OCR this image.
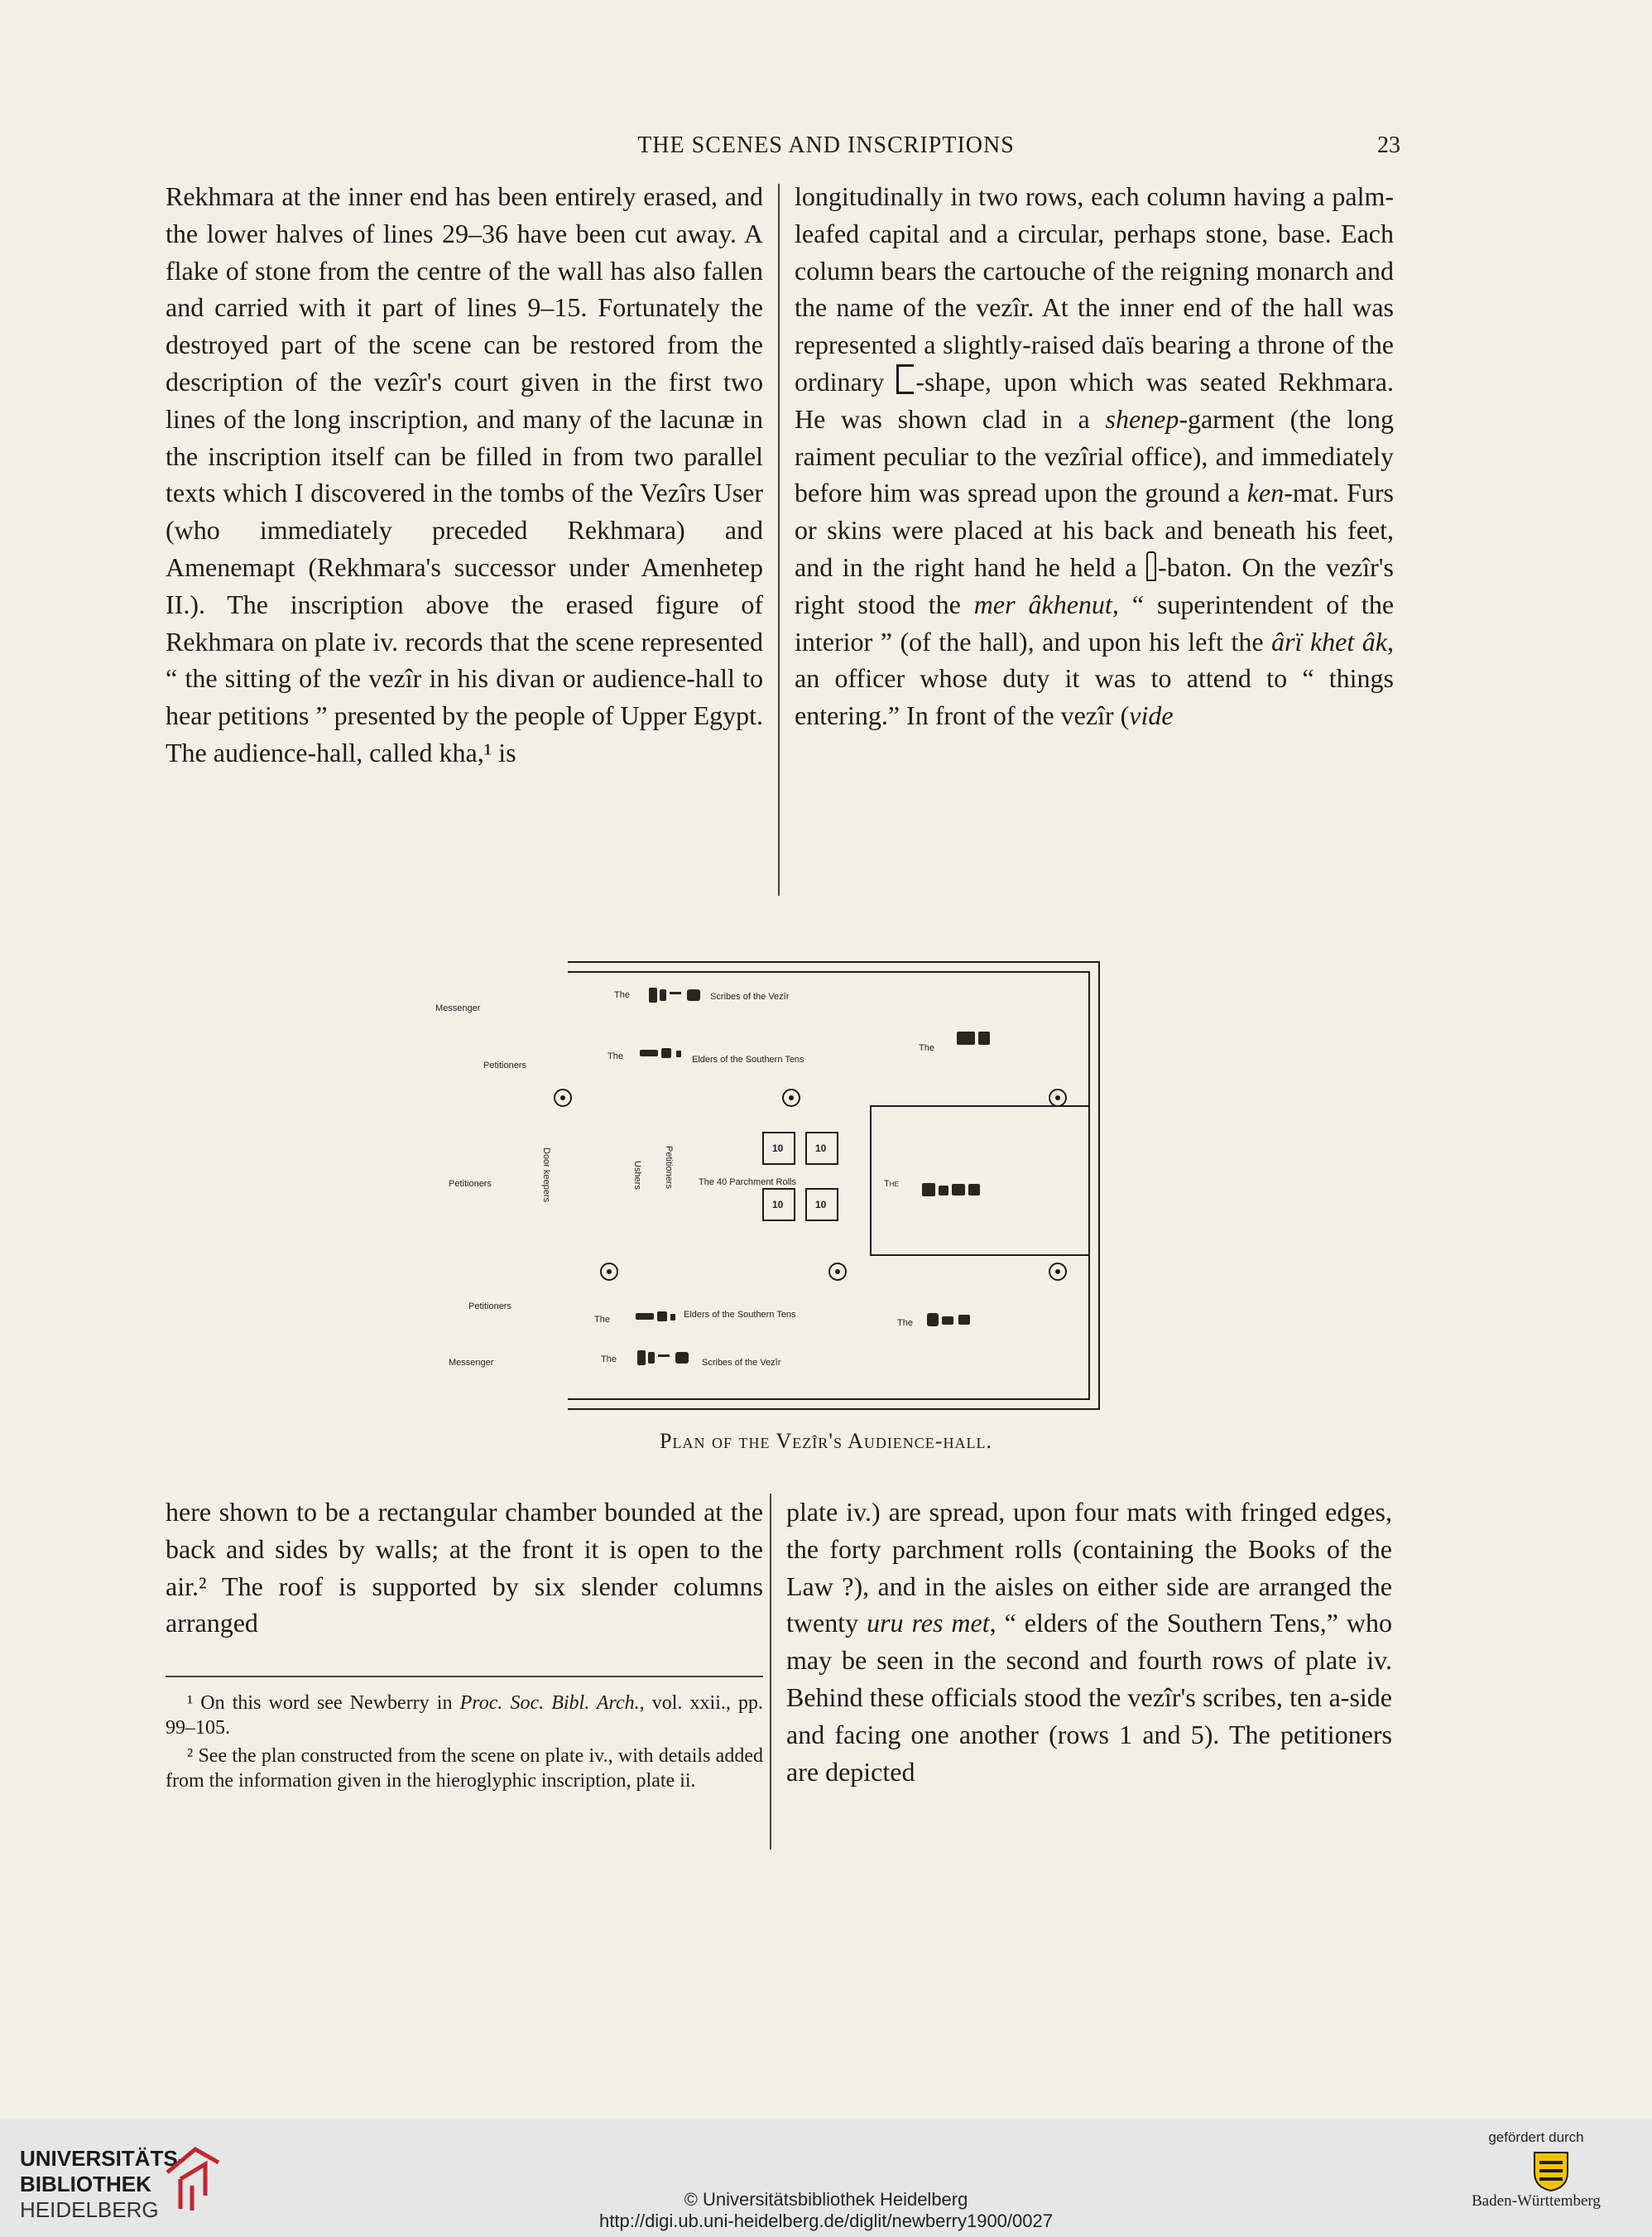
THE SCENES AND INSCRIPTIONS	23

Rekhmara at the inner end has been entirely erased, and the lower halves of lines 29–36 have been cut away. A flake of stone from the centre of the wall has also fallen and carried with it part of lines 9–15. Fortunately the destroyed part of the scene can be restored from the description of the vezîr's court given in the first two lines of the long inscription, and many of the lacunæ in the inscription itself can be filled in from two parallel texts which I discovered in the tombs of the Vezîrs User (who immediately preceded Rekhmara) and Amenemapt (Rekhmara's successor under Amenhetep II.). The inscription above the erased figure of Rekhmara on plate iv. records that the scene represented “ the sitting of the vezîr in his divan or audience-hall to hear petitions ” presented by the people of Upper Egypt. The audience-hall, called kha,¹ is

longitudinally in two rows, each column having a palm-leafed capital and a circular, perhaps stone, base. Each column bears the cartouche of the reigning monarch and the name of the vezîr. At the inner end of the hall was represented a slightly-raised daïs bearing a throne of the ordinary -shape, upon which was seated Rekhmara. He was shown clad in a shenep-garment (the long raiment peculiar to the vezîrial office), and immediately before him was spread upon the ground a ken-mat. Furs or skins were placed at his back and beneath his feet, and in the right hand he held a -baton. On the vezîr's right stood the mer âkhenut, “ superintendent of the interior ” (of the hall), and upon his left the ârï khet âk, an officer whose duty it was to attend to “ things entering.” In front of the vezîr (vide

Messenger
Petitioners
Petitioners
Petitioners
Messenger
The	Scribes of the Vezîr
The	Elders of the Southern Tens
The
Door keepers	Ushers Petitioners	10	10
10	10
The 40 Parchment Rolls	The
The	Elders of the Southern Tens
The
The	Scribes of the Vezîr
Plan of the Vezîr's Audience-hall.

here shown to be a rectangular chamber bounded at the back and sides by walls; at the front it is open to the air.² The roof is supported by six slender columns arranged

plate iv.) are spread, upon four mats with fringed edges, the forty parchment rolls (containing the Books of the Law ?), and in the aisles on either side are arranged the twenty uru res met, “ elders of the Southern Tens,” who may be seen in the second and fourth rows of plate iv. Behind these officials stood the vezîr's scribes, ten a-side and facing one another (rows 1 and 5). The petitioners are depicted

¹ On this word see Newberry in Proc. Soc. Bibl. Arch., vol. xxii., pp. 99–105.

² See the plan constructed from the scene on plate iv., with details added from the information given in the hieroglyphic inscription, plate ii.

UNIVERSITÄTS-
BIBLIOTHEK
HEIDELBERG	© Universitätsbibliothek Heidelberg
http://digi.ub.uni-heidelberg.de/diglit/newberry1900/0027
gefördert durch
Baden-Württemberg
